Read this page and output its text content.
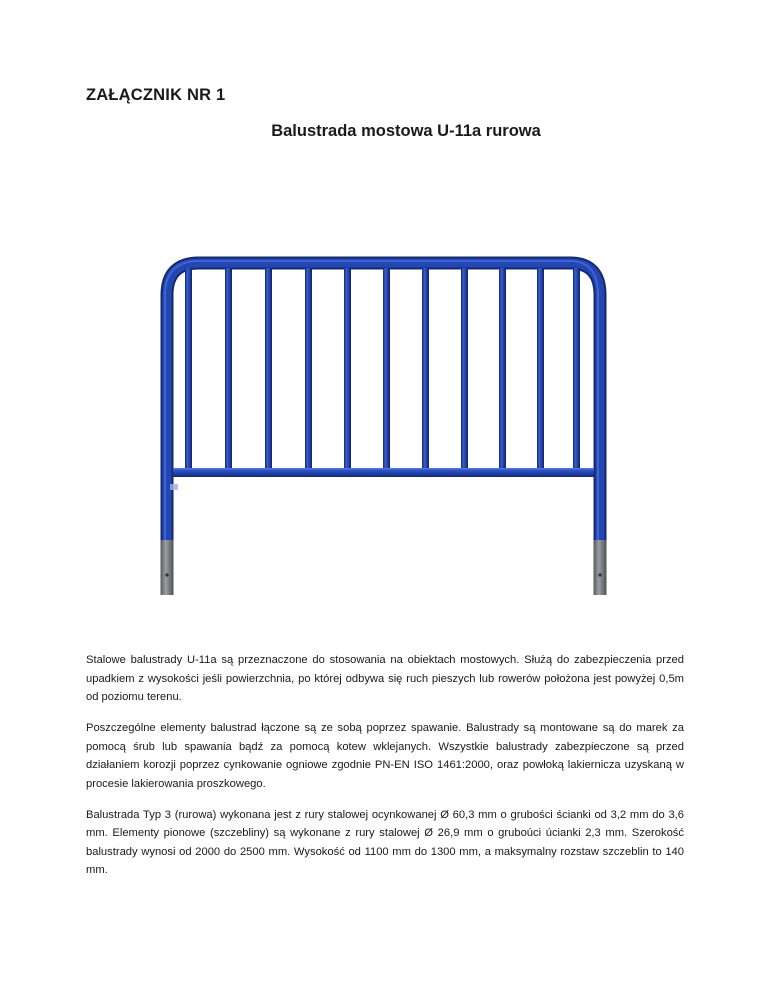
ZAŁĄCZNIK NR 1
Balustrada mostowa U-11a rurowa

Stalowe balustrady U-11a są przeznaczone do stosowania na obiektach mostowych. Służą do zabezpieczenia przed upadkiem z wysokości jeśli powierzchnia, po której odbywa się ruch pieszych lub rowerów położona jest powyżej 0,5m od poziomu terenu.

Poszczególne elementy balustrad łączone są ze sobą poprzez spawanie. Balustrady są montowane są do marek za pomocą śrub lub spawania bądź za pomocą kotew wklejanych. Wszystkie balustrady zabezpieczone są przed działaniem korozji poprzez cynkowanie ogniowe zgodnie PN-EN ISO 1461:2000, oraz powłoką lakiernicza uzyskaną w procesie lakierowania proszkowego.

Balustrada Typ 3 (rurowa) wykonana jest z rury stalowej ocynkowanej Ø 60,3 mm o grubości ścianki od 3,2 mm do 3,6 mm. Elementy pionowe (szczebliny) są wykonane z rury stalowej Ø 26,9 mm o gruboúci úcianki 2,3 mm. Szerokość balustrady wynosi od 2000 do 2500 mm. Wysokość od 1100 mm do 1300 mm, a maksymalny rozstaw szczeblin to 140 mm.
